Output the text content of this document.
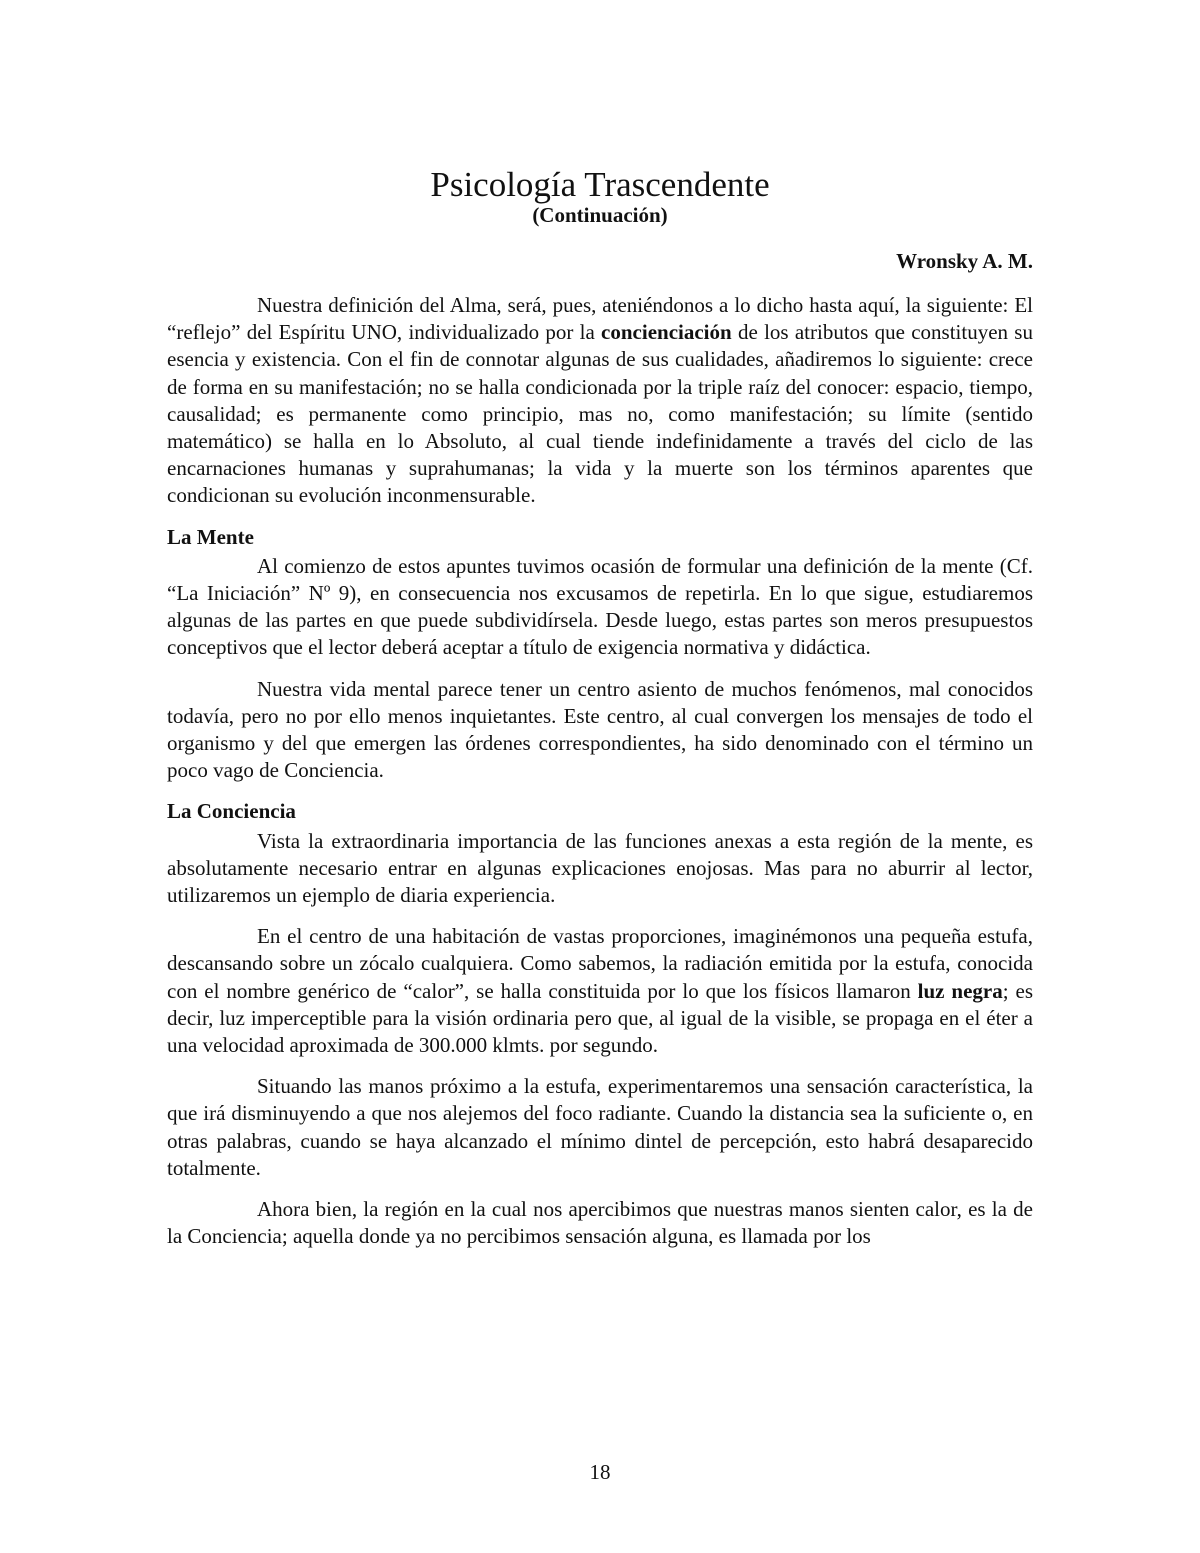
Psicología Trascendente
(Continuación)
Wronsky A. M.

Nuestra definición del Alma, será, pues, ateniéndonos a lo dicho hasta aquí, la siguiente: El “reflejo” del Espíritu UNO, individualizado por la concienciación de los atributos que constituyen su esencia y existencia. Con el fin de connotar algunas de sus cualidades, añadiremos lo siguiente: crece de forma en su manifestación; no se halla condicionada por la triple raíz del conocer: espacio, tiempo, causalidad; es permanente como principio, mas no, como manifestación; su límite (sentido matemático) se halla en lo Absoluto, al cual tiende indefinidamente a través del ciclo de las encarnaciones humanas y suprahumanas; la vida y la muerte son los términos aparentes que condicionan su evolución inconmensurable.

La Mente

Al comienzo de estos apuntes tuvimos ocasión de formular una definición de la mente (Cf. “La Iniciación” Nº 9), en consecuencia nos excusamos de repetirla. En lo que sigue, estudiaremos algunas de las partes en que puede subdividírsela. Desde luego, estas partes son meros presupuestos conceptivos que el lector deberá aceptar a título de exigencia normativa y didáctica.

Nuestra vida mental parece tener un centro asiento de muchos fenómenos, mal conocidos todavía, pero no por ello menos inquietantes. Este centro, al cual convergen los mensajes de todo el organismo y del que emergen las órdenes correspondientes, ha sido denominado con el término un poco vago de Conciencia.

La Conciencia

Vista la extraordinaria importancia de las funciones anexas a esta región de la mente, es absolutamente necesario entrar en algunas explicaciones enojosas. Mas para no aburrir al lector, utilizaremos un ejemplo de diaria experiencia.

En el centro de una habitación de vastas proporciones, imaginémonos una pequeña estufa, descansando sobre un zócalo cualquiera. Como sabemos, la radiación emitida por la estufa, conocida con el nombre genérico de “calor”, se halla constituida por lo que los físicos llamaron luz negra; es decir, luz imperceptible para la visión ordinaria pero que, al igual de la visible, se propaga en el éter a una velocidad aproximada de 300.000 klmts. por segundo.

Situando las manos próximo a la estufa, experimentaremos una sensación característica, la que irá disminuyendo a que nos alejemos del foco radiante. Cuando la distancia sea la suficiente o, en otras palabras, cuando se haya alcanzado el mínimo dintel de percepción, esto habrá desaparecido totalmente.

Ahora bien, la región en la cual nos apercibimos que nuestras manos sienten calor, es la de la Conciencia; aquella donde ya no percibimos sensación alguna, es llamada por los

18
